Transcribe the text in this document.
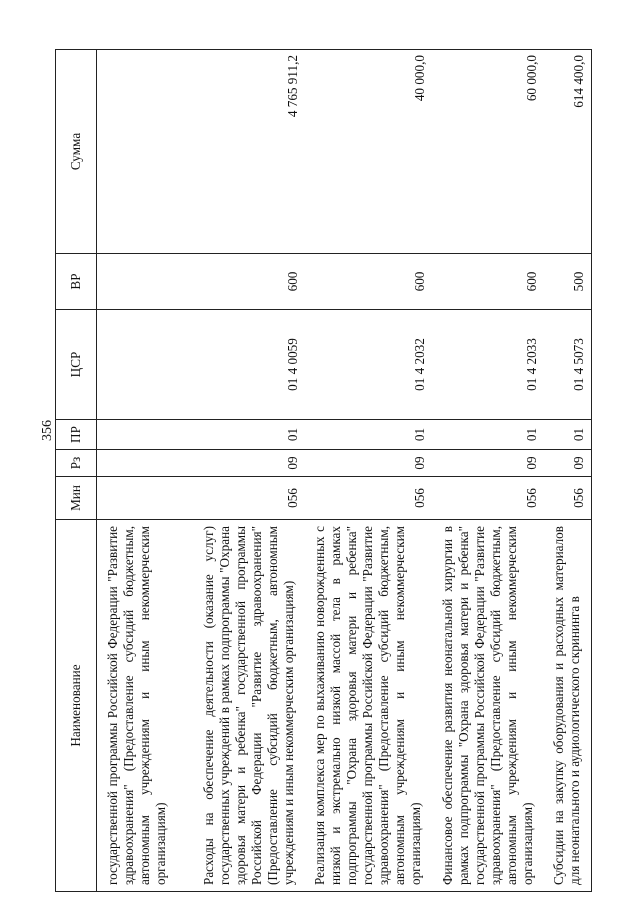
356
Наименование	Мин	Рз	ПР	ЦСР	ВР	Сумма
государственной программы Российской Федерации "Развитие здравоохранения" (Предоставление субсидий бюджетным, автономным учреждениям и иным некоммерческим организациям)						
Расходы на обеспечение деятельности (оказание услуг) государственных учреждений в рамках подпрограммы "Охрана здоровья матери и ребенка" государственной программы Российской Федерации "Развитие здравоохранения" (Предоставление субсидий бюджетным, автономным учреждениям и иным некоммерческим организациям)	056	09	01	01 4 0059	600	4 765 911,2
Реализация комплекса мер по выхаживанию новорожденных с низкой и экстремально низкой массой тела в рамках подпрограммы "Охрана здоровья матери и ребенка" государственной программы Российской Федерации "Развитие здравоохранения" (Предоставление субсидий бюджетным, автономным учреждениям и иным некоммерческим организациям)	056	09	01	01 4 2032	600	40 000,0
Финансовое обеспечение развития неонатальной хирургии в рамках подпрограммы "Охрана здоровья матери и ребенка" государственной программы Российской Федерации "Развитие здравоохранения" (Предоставление субсидий бюджетным, автономным учреждениям и иным некоммерческим организациям)	056	09	01	01 4 2033	600	60 000,0
Субсидии на закупку оборудования и расходных материалов для неонатального и аудиологического скрининга в	056	09	01	01 4 5073	500	614 400,0
